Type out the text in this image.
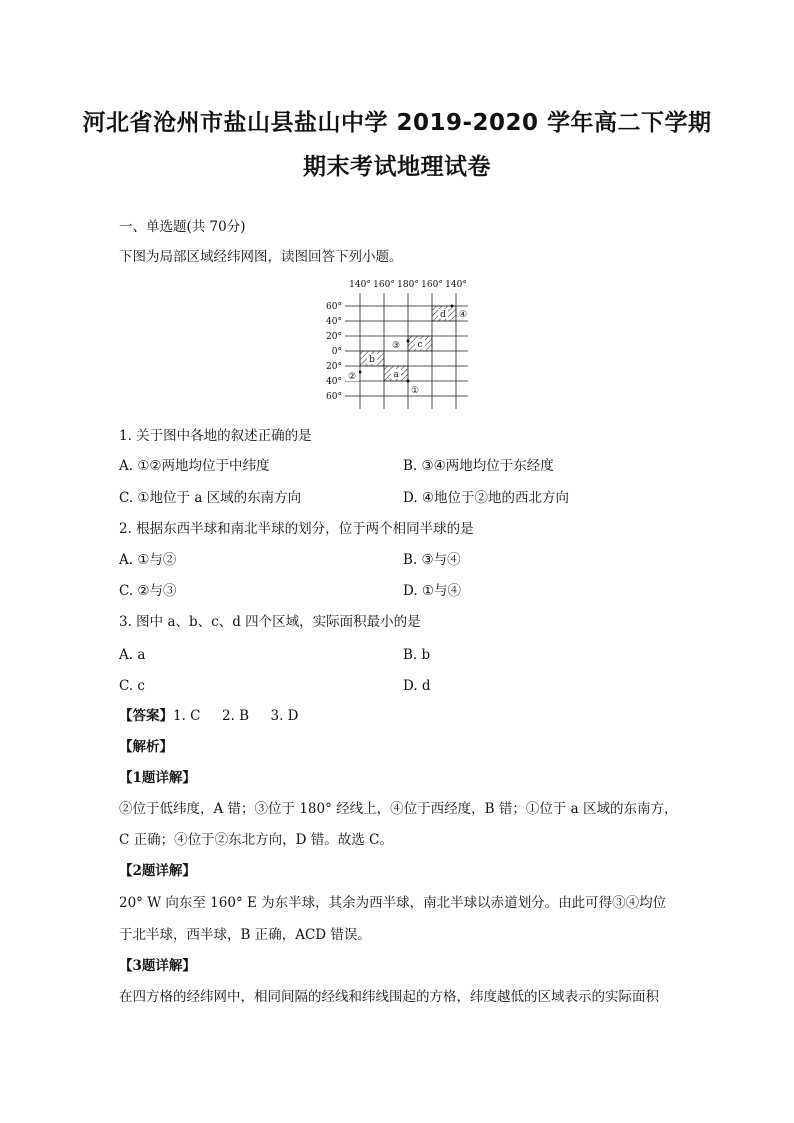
河北省沧州市盐山县盐山中学 2019-2020 学年高二下学期
期末考试地理试卷
一、单选题(共 70分)
下图为局部区域经纬网图，读图回答下列小题。
140° 160° 180° 160° 140°
60°
40°
20°
0°
20°
40°
60°
d
c
b
a
④
③
②
①
1. 关于图中各地的叙述正确的是
A. ①②两地均位于中纬度	B. ③④两地均位于东经度
C. ①地位于 a 区域的东南方向	D. ④地位于②地的西北方向
2. 根据东西半球和南北半球的划分，位于两个相同半球的是
A. ①与②	B. ③与④
C. ②与③	D. ①与④
3. 图中 a、b、c、d 四个区域，实际面积最小的是
A. a	B. b
C. c	D. d
【答案】1. C     2. B     3. D
【解析】
【1题详解】
②位于低纬度，A 错；③位于 180° 经线上，④位于西经度，B 错；①位于 a 区域的东南方，
C 正确；④位于②东北方向，D 错。故选 C。
【2题详解】
20° W 向东至 160° E 为东半球，其余为西半球，南北半球以赤道划分。由此可得③④均位
于北半球，西半球，B 正确，ACD 错误。
【3题详解】
在四方格的经纬网中，相同间隔的经线和纬线围起的方格，纬度越低的区域表示的实际面积
